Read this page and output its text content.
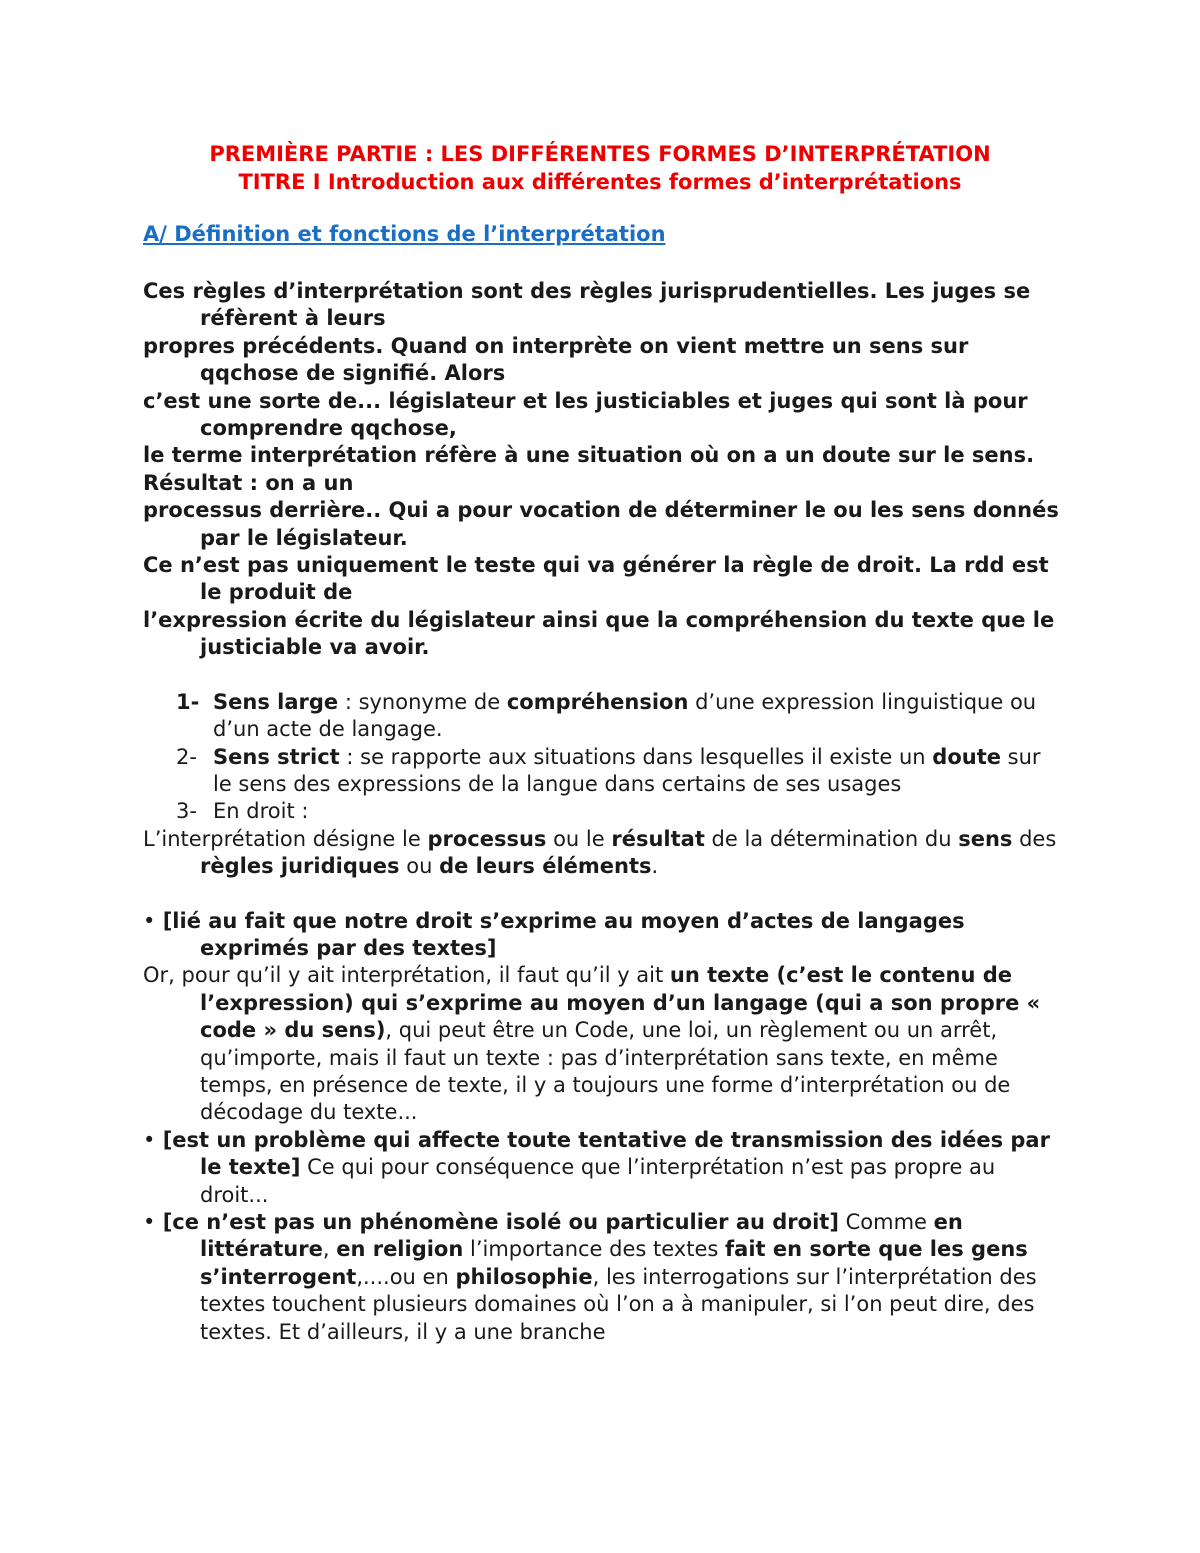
PREMIÈRE PARTIE : LES DIFFÉRENTES FORMES D’INTERPRÉTATION
TITRE I Introduction aux différentes formes d’interprétations
A/ Définition et fonctions de l’interprétation

Ces règles d’interprétation sont des règles jurisprudentielles. Les juges se réfèrent à leurs

propres précédents. Quand on interprète on vient mettre un sens sur qqchose de signifié. Alors

c’est une sorte de... législateur et les justiciables et juges qui sont là pour comprendre qqchose,

le terme interprétation réfère à une situation où on a un doute sur le sens. Résultat : on a un

processus derrière.. Qui a pour vocation de déterminer le ou les sens donnés par le législateur.

Ce n’est pas uniquement le teste qui va générer la règle de droit. La rdd est le produit de

l’expression écrite du législateur ainsi que la compréhension du texte que le justiciable va avoir.

1- Sens large : synonyme de compréhension d’une expression linguistique ou d’un acte de langage.
2- Sens strict : se rapporte aux situations dans lesquelles il existe un doute sur le sens des expressions de la langue dans certains de ses usages
3- En droit :

L’interprétation désigne le processus ou le résultat de la détermination du sens des règles juridiques ou de leurs éléments.

• [lié au fait que notre droit s’exprime au moyen d’actes de langages exprimés par des textes]

Or, pour qu’il y ait interprétation, il faut qu’il y ait un texte (c’est le contenu de l’expression) qui s’exprime au moyen d’un langage (qui a son propre « code » du sens), qui peut être un Code, une loi, un règlement ou un arrêt, qu’importe, mais il faut un texte : pas d’interprétation sans texte, en même temps, en présence de texte, il y a toujours une forme d’interprétation ou de décodage du texte...

• [est un problème qui affecte toute tentative de transmission des idées par le texte] Ce qui pour conséquence que l’interprétation n’est pas propre au droit...

• [ce n’est pas un phénomène isolé ou particulier au droit] Comme en littérature, en religion l’importance des textes fait en sorte que les gens s’interrogent,....ou en philosophie, les interrogations sur l’interprétation des textes touchent plusieurs domaines où l’on a à manipuler, si l’on peut dire, des textes. Et d’ailleurs, il y a une branche
